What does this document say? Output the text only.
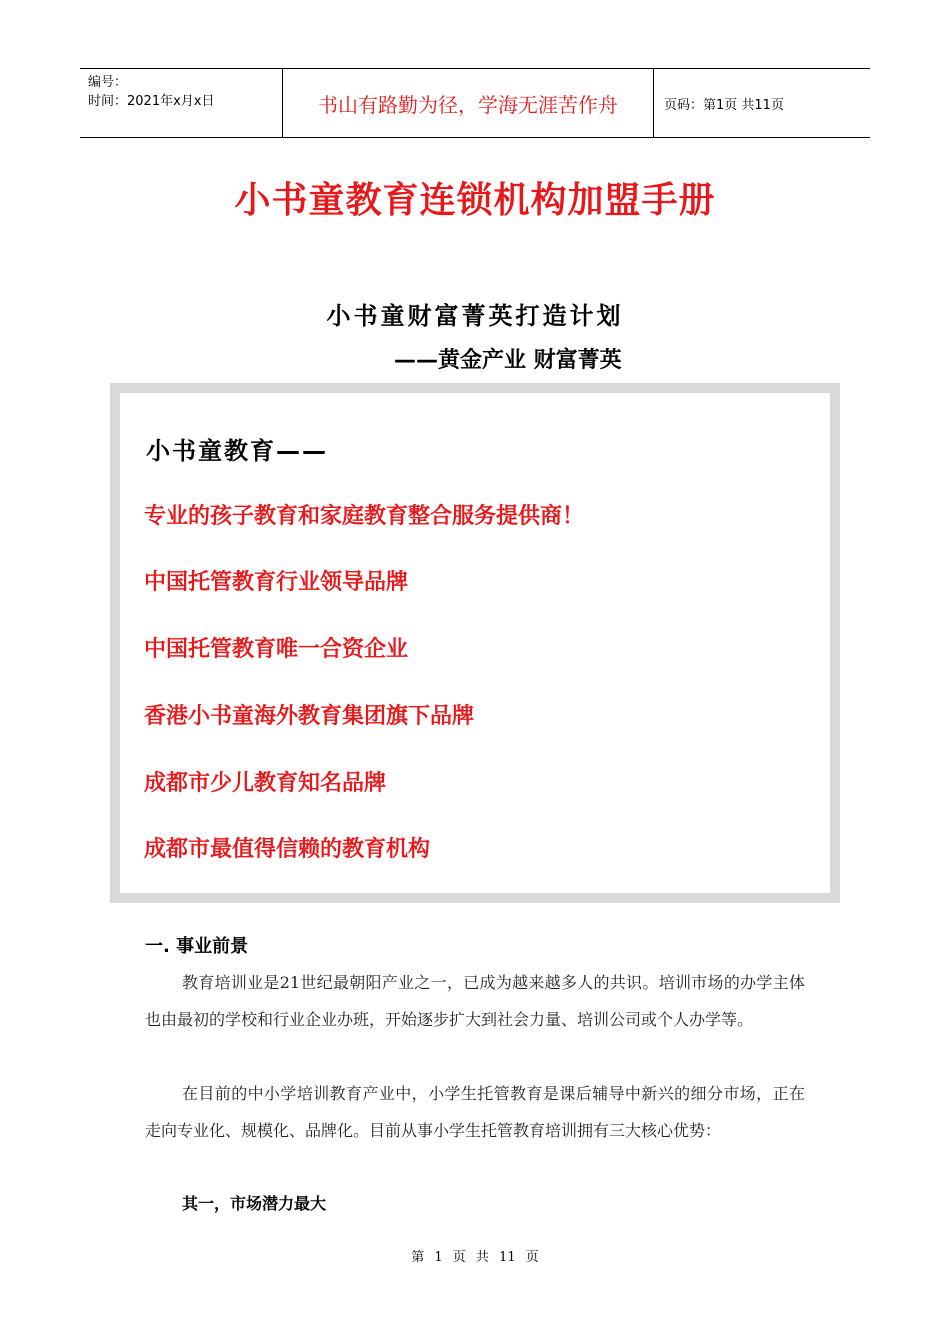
编号：
时间：2021年x月x日	书山有路勤为径，学海无涯苦作舟	页码：第1页 共11页
小书童教育连锁机构加盟手册
小书童财富菁英打造计划
——黄金产业 财富菁英
小书童教育——
专业的孩子教育和家庭教育整合服务提供商！
中国托管教育行业领导品牌
中国托管教育唯一合资企业
香港小书童海外教育集团旗下品牌
成都市少儿教育知名品牌
成都市最值得信赖的教育机构
一. 事业前景
教育培训业是21世纪最朝阳产业之一，已成为越来越多人的共识。培训市场的办学主体也由最初的学校和行业企业办班，开始逐步扩大到社会力量、培训公司或个人办学等。
在目前的中小学培训教育产业中，小学生托管教育是课后辅导中新兴的细分市场，正在走向专业化、规模化、品牌化。目前从事小学生托管教育培训拥有三大核心优势：
其一，市场潜力最大
第 1 页 共 11 页
